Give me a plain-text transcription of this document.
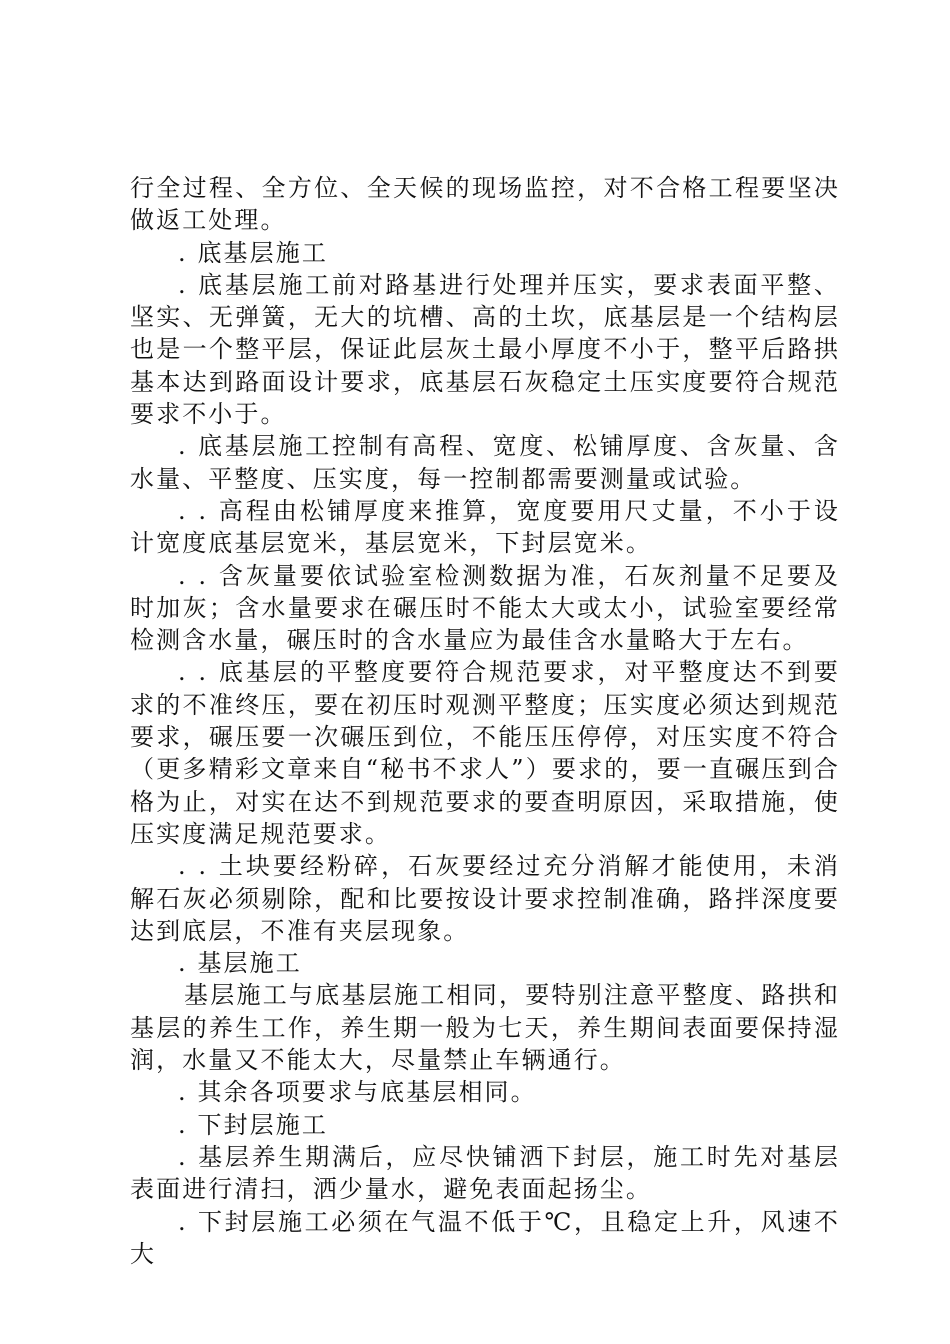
行全过程、全方位、全天候的现场监控，对不合格工程要坚决做返工处理。

. 底基层施工

. 底基层施工前对路基进行处理并压实，要求表面平整、坚实、无弹簧，无大的坑槽、高的土坎，底基层是一个结构层也是一个整平层，保证此层灰土最小厚度不小于，整平后路拱基本达到路面设计要求，底基层石灰稳定土压实度要符合规范要求不小于。

. 底基层施工控制有高程、宽度、松铺厚度、含灰量、含水量、平整度、压实度，每一控制都需要测量或试验。

. . 高程由松铺厚度来推算，宽度要用尺丈量，不小于设计宽度底基层宽米，基层宽米，下封层宽米。

. . 含灰量要依试验室检测数据为准，石灰剂量不足要及时加灰；含水量要求在碾压时不能太大或太小，试验室要经常检测含水量，碾压时的含水量应为最佳含水量略大于左右。

. . 底基层的平整度要符合规范要求，对平整度达不到要求的不准终压，要在初压时观测平整度；压实度必须达到规范要求，碾压要一次碾压到位，不能压压停停，对压实度不符合（更多精彩文章来自“秘书不求人”）要求的，要一直碾压到合格为止，对实在达不到规范要求的要查明原因，采取措施，使压实度满足规范要求。

. . 土块要经粉碎，石灰要经过充分消解才能使用，未消解石灰必须剔除，配和比要按设计要求控制准确，路拌深度要达到底层，不准有夹层现象。

. 基层施工

基层施工与底基层施工相同，要特别注意平整度、路拱和基层的养生工作，养生期一般为七天，养生期间表面要保持湿润，水量又不能太大，尽量禁止车辆通行。

. 其余各项要求与底基层相同。

. 下封层施工

. 基层养生期满后，应尽快铺洒下封层，施工时先对基层表面进行清扫，洒少量水，避免表面起扬尘。

. 下封层施工必须在气温不低于℃，且稳定上升，风速不大
